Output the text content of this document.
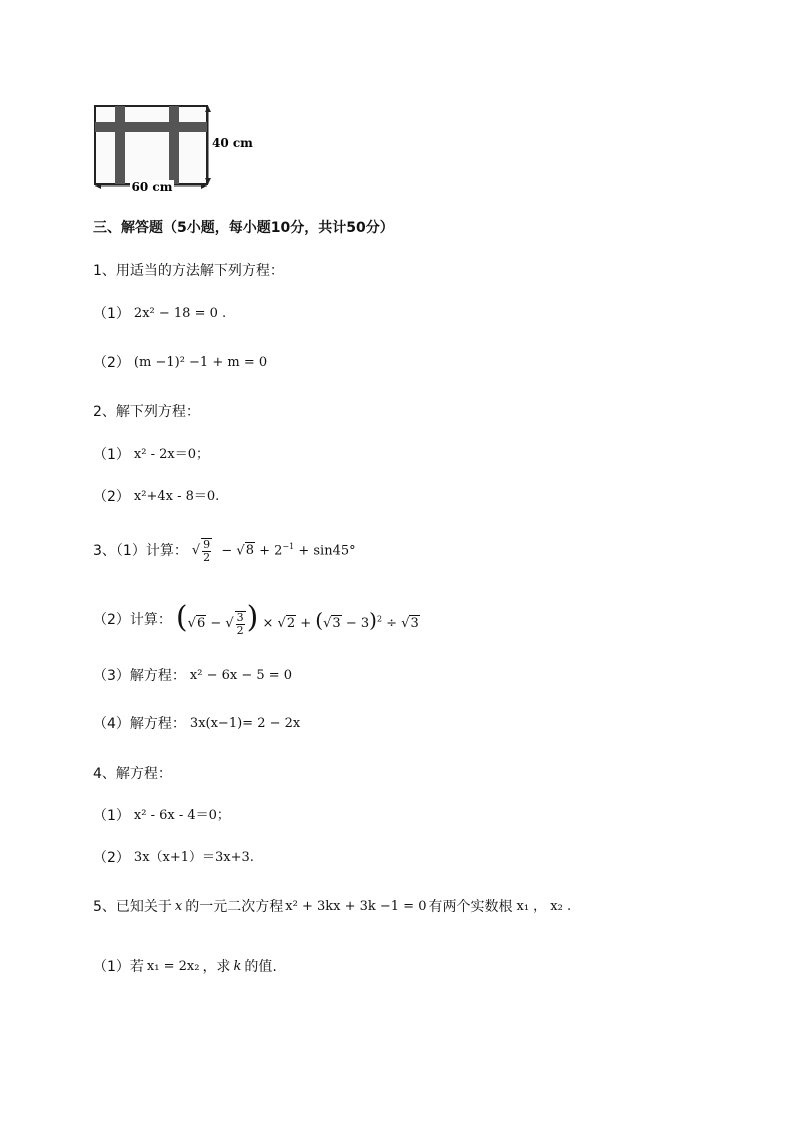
60 cm
40 cm
三、解答题（5小题，每小题10分，共计50分）
1、用适当的方法解下列方程：
（1） 2x² − 18 = 0 .
（2） (m −1)² −1 + m = 0
2、解下列方程：
（1） x² - 2x＝0；
（2） x²+4x - 8＝0.
3、（1）计算： √ $\frac{9}{2} - √8 + 2^{-1} + \sin 45^\circ$
（2）计算： (√6 − √ $\frac{3}{2}$ ) × $√2 + (√3 - 3)^2 \div √3$
（3）解方程： x² − 6x − 5 = 0
（4）解方程： 3x(x−1)= 2 − 2x
4、解方程：
（1） x² - 6x - 4＝0；
（2） 3x（x+1）＝3x+3.
5、已知关于 x 的一元二次方程 x² + 3kx + 3k −1 = 0 有两个实数根 x₁ ， x₂ .
（1）若 x₁ = 2x₂ ，求 k 的值.
